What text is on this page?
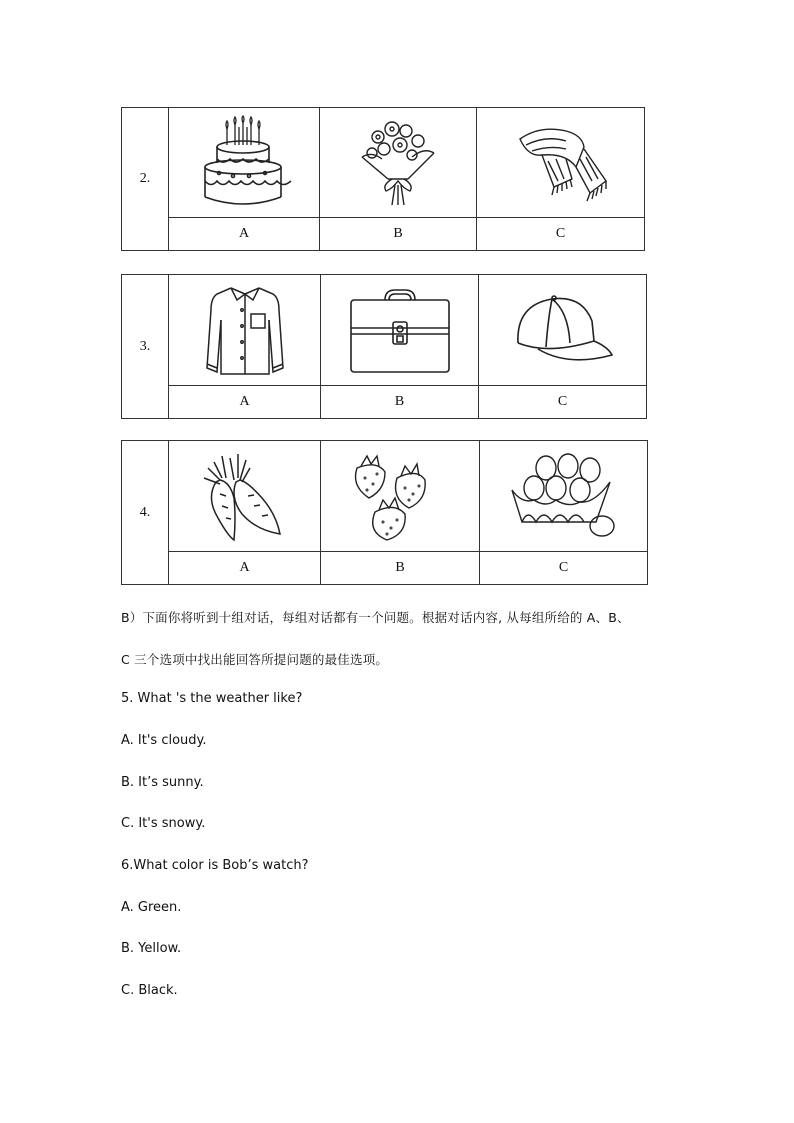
2.	

	A	B	C
3.	

	A	B	C
4.	

	A	B	C
B）下面你将听到十组对话，每组对话都有一个问题。根据对话内容, 从每组所给的 A、B、
C 三个选项中找出能回答所提问题的最佳选项。
5. What 's the weather like?
A. It's cloudy.
B. It’s sunny.
C. It's snowy.
6.What color is Bob’s watch?
A. Green.
B. Yellow.
C. Black.
